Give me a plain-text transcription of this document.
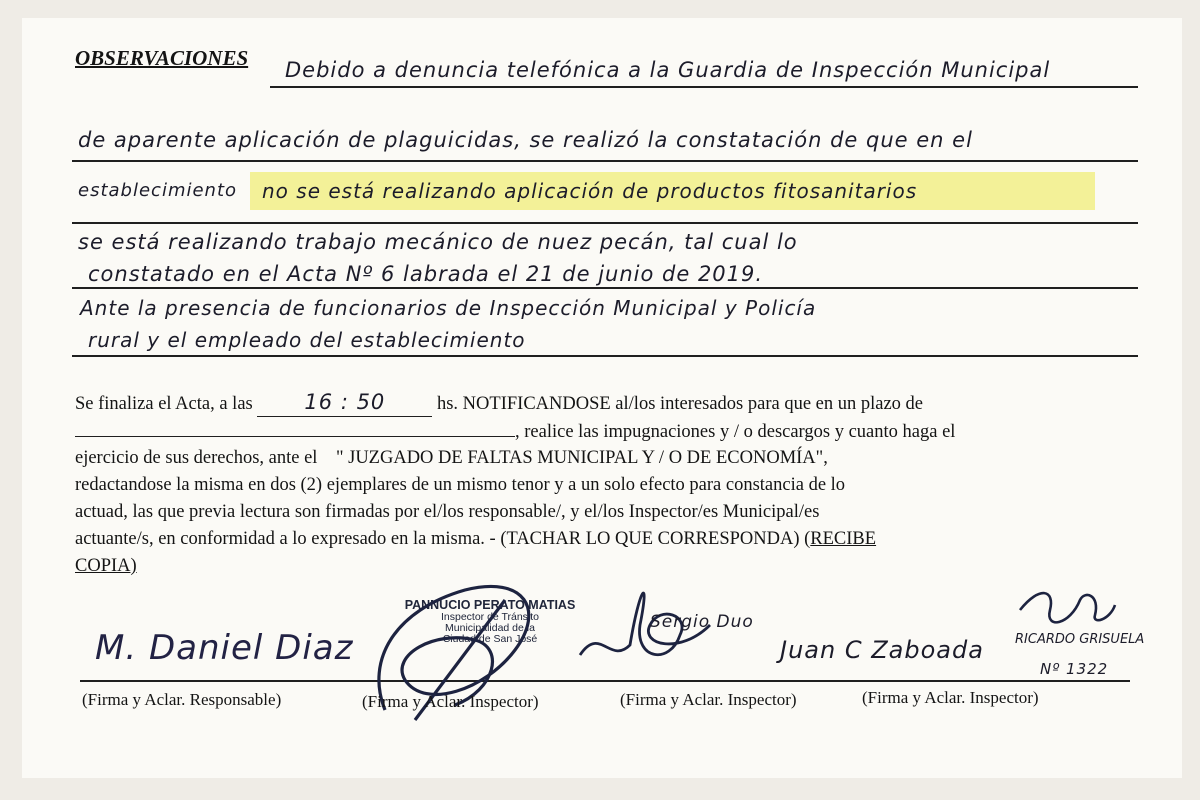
OBSERVACIONES Debido a denuncia telefónica a la Guardia de Inspección Municipal
de aparente aplicación de plaguicidas, se realizó la constatación de que en el
establecimiento no se está realizando aplicación de productos fitosanitarios
se está realizando trabajo mecánico de nuez pecán, tal cual lo
constatado en el Acta Nº 6 labrada el 21 de junio de 2019.
Ante la presencia de funcionarios de Inspección Municipal y Policía
rural y el empleado del establecimiento
Se finaliza el Acta, a las 16 : 50	hs. NOTIFICANDOSE al/los interesados para que en un plazo de
, realice las impugnaciones y / o descargos y cuanto haga el
ejercicio de sus derechos, ante el    " JUZGADO DE FALTAS MUNICIPAL Y / O DE ECONOMÍA",
redactandose la misma en dos (2) ejemplares de un mismo tenor y a un solo efecto para constancia de lo
actuad, las que previa lectura son firmadas por el/los responsable/, y el/los Inspector/es Municipal/es
actuante/s, en conformidad a lo expresado en la misma. - (TACHAR LO QUE CORRESPONDA) (RECIBE
COPIA)
PANNUCIO PERATO MATIAS
Inspector de Tránsito
Municipalidad de la
Ciudad de San José
M. Daniel Diaz
Sergio Duo
Juan C Zaboada RICARDO GRISUELA
Nº 1322
(Firma y Aclar. Responsable)	(Firma y Aclar. Inspector)	(Firma y Aclar. Inspector)	(Firma y Aclar. Inspector)
